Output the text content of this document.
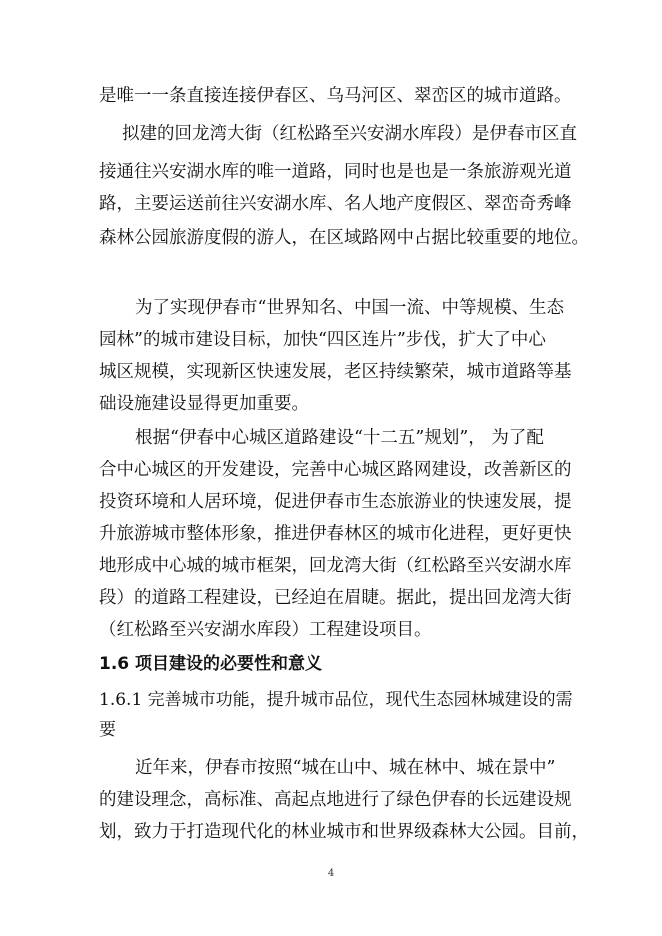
是唯一一条直接连接伊春区、乌马河区、翠峦区的城市道路。
拟建的回龙湾大街（红松路至兴安湖水库段）是伊春市区直
接通往兴安湖水库的唯一道路，同时也是也是一条旅游观光道
路，主要运送前往兴安湖水库、名人地产度假区、翠峦奇秀峰
森林公园旅游度假的游人，在区域路网中占据比较重要的地位。
为了实现伊春市“世界知名、中国一流、中等规模、生态
园林”的城市建设目标，加快“四区连片”步伐，扩大了中心
城区规模，实现新区快速发展，老区持续繁荣，城市道路等基
础设施建设显得更加重要。
根据“伊春中心城区道路建设“十二五”规划”， 为了配
合中心城区的开发建设，完善中心城区路网建设，改善新区的
投资环境和人居环境，促进伊春市生态旅游业的快速发展，提
升旅游城市整体形象，推进伊春林区的城市化进程，更好更快
地形成中心城的城市框架，回龙湾大街（红松路至兴安湖水库
段）的道路工程建设，已经迫在眉睫。据此，提出回龙湾大街
（红松路至兴安湖水库段）工程建设项目。
1.6 项目建设的必要性和意义
1.6.1 完善城市功能，提升城市品位，现代生态园林城建设的需
要
近年来，伊春市按照“城在山中、城在林中、城在景中”
的建设理念，高标准、高起点地进行了绿色伊春的长远建设规
划，致力于打造现代化的林业城市和世界级森林大公园。目前，
4
